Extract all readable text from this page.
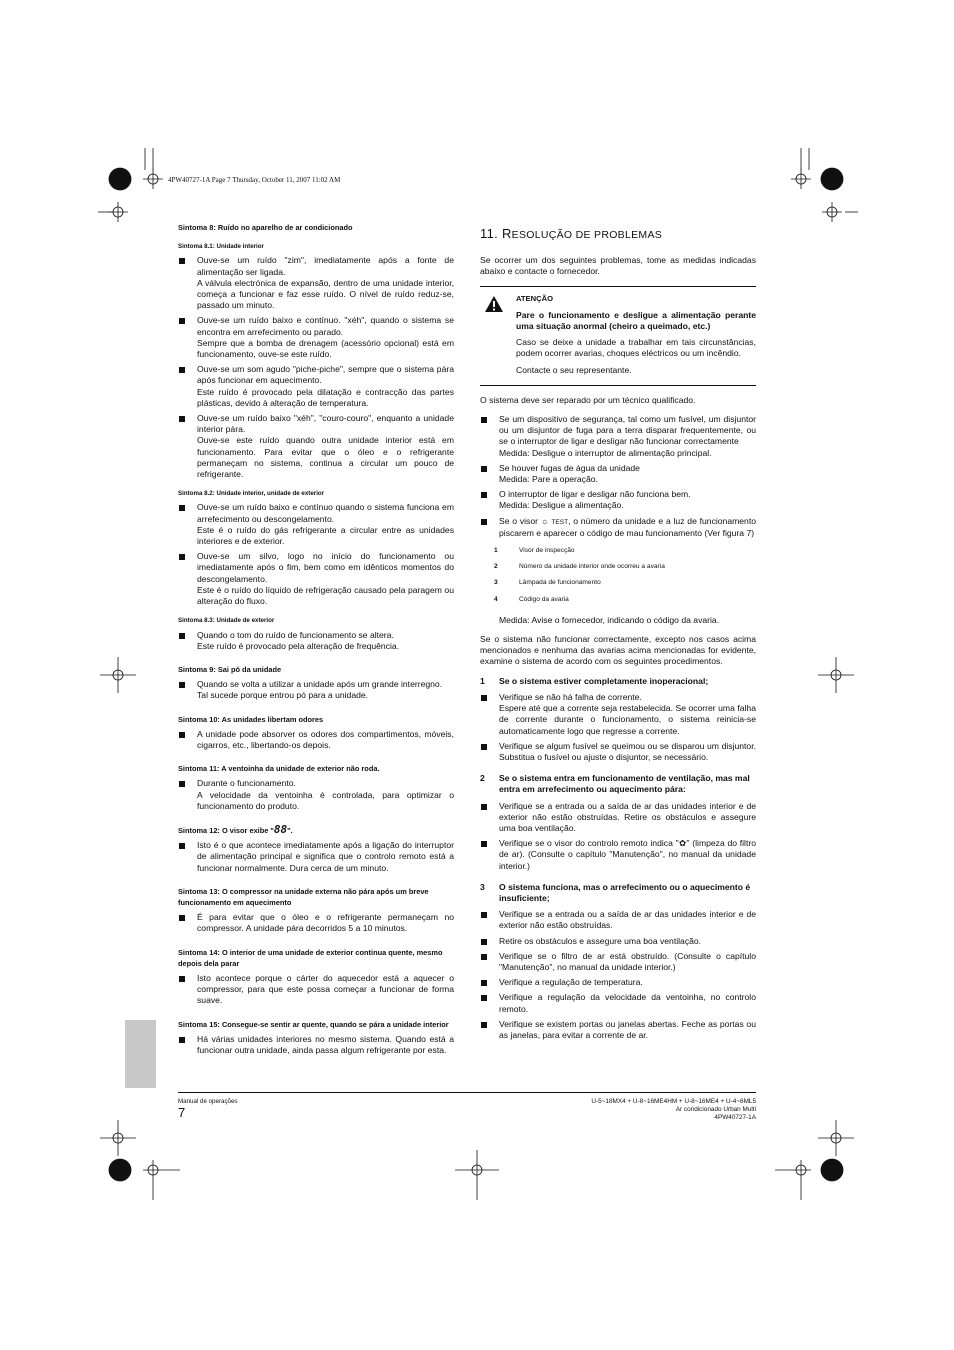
4PW40727-1A Page 7 Thursday, October 11, 2007 11:02 AM
Sintoma 8: Ruído no aparelho de ar condicionado
Sintoma 8.1: Unidade interior

Ouve-se um ruído "zim", imediatamente após a fonte de alimentação ser ligada.

A válvula electrónica de expansão, dentro de uma unidade interior, começa a funcionar e faz esse ruído. O nível de ruído reduz-se, passado um minuto.

Ouve-se um ruído baixo e contínuo. "xéh", quando o sistema se encontra em arrefecimento ou parado.

Sempre que a bomba de drenagem (acessório opcional) está em funcionamento, ouve-se este ruído.

Ouve-se um som agudo "piche-piche", sempre que o sistema pára após funcionar em aquecimento.

Este ruído é provocado pela dilatação e contracção das partes plásticas, devido à alteração de temperatura.

Ouve-se um ruído baixo "xéh", "couro-couro", enquanto a unidade interior pára.

Ouve-se este ruído quando outra unidade interior está em funcionamento. Para evitar que o óleo e o refrigerante permaneçam no sistema, continua a circular um pouco de refrigerante.

Sintoma 8.2: Unidade interior, unidade de exterior

Ouve-se um ruído baixo e contínuo quando o sistema funciona em arrefecimento ou descongelamento.

Este é o ruído do gás refrigerante a circular entre as unidades interiores e de exterior.

Ouve-se um silvo, logo no início do funcionamento ou imediatamente após o fim, bem como em idênticos momentos do descongelamento.

Este é o ruído do líquido de refrigeração causado pela paragem ou alteração do fluxo.

Sintoma 8.3: Unidade de exterior

Quando o tom do ruído de funcionamento se altera.

Este ruído é provocado pela alteração de frequência.

Sintoma 9: Sai pó da unidade

Quando se volta a utilizar a unidade após um grande interregno.

Tal sucede porque entrou pó para a unidade.

Sintoma 10: As unidades libertam odores

A unidade pode absorver os odores dos compartimentos, móveis, cigarros, etc., libertando-os depois.

Sintoma 11: A ventoinha da unidade de exterior não roda.

Durante o funcionamento.

A velocidade da ventoinha é controlada, para optimizar o funcionamento do produto.

Sintoma 12: O visor exibe "88".

Isto é o que acontece imediatamente após a ligação do interruptor de alimentação principal e significa que o controlo remoto está a funcionar normalmente. Dura cerca de um minuto.

Sintoma 13: O compressor na unidade externa não pára após um breve funcionamento em aquecimento

É para evitar que o óleo e o refrigerante permaneçam no compressor. A unidade pára decorridos 5 a 10 minutos.

Sintoma 14: O interior de uma unidade de exterior continua quente, mesmo depois dela parar

Isto acontece porque o cárter do aquecedor está a aquecer o compressor, para que este possa começar a funcionar de forma suave.

Sintoma 15: Consegue-se sentir ar quente, quando se pára a unidade interior

Há várias unidades interiores no mesmo sistema. Quando está a funcionar outra unidade, ainda passa algum refrigerante por esta.

11. RESOLUÇÃO DE PROBLEMAS

Se ocorrer um dos seguintes problemas, tome as medidas indicadas abaixo e contacte o fornecedor.

ATENÇÃO
Pare o funcionamento e desligue a alimentação perante uma situação anormal (cheiro a queimado, etc.)
Caso se deixe a unidade a trabalhar em tais circunstâncias, podem ocorrer avarias, choques eléctricos ou um incêndio.
Contacte o seu representante.

O sistema deve ser reparado por um técnico qualificado.

Se um dispositivo de segurança, tal como um fusível, um disjuntor ou um disjuntor de fuga para a terra disparar frequentemente, ou se o interruptor de ligar e desligar não funcionar correctamente

Medida: Desligue o interruptor de alimentação principal.

Se houver fugas de água da unidade

Medida: Pare a operação.

O interruptor de ligar e desligar não funciona bem.

Medida: Desligue a alimentação.

Se o visor ☼ TEST, o número da unidade e a luz de funcionamento piscarem e aparecer o código de mau funcionamento (Ver figura 7)

1	Visor de inspecção
2	Número da unidade interior onde ocorreu a avaria
3	Lâmpada de funcionamento
4	Código da avaria
Medida: Avise o fornecedor, indicando o código da avaria.

Se o sistema não funcionar correctamente, excepto nos casos acima mencionados e nenhuma das avarias acima mencionadas for evidente, examine o sistema de acordo com os seguintes procedimentos.

1 Se o sistema estiver completamente inoperacional;

Verifique se não há falha de corrente.

Espere até que a corrente seja restabelecida. Se ocorrer uma falha de corrente durante o funcionamento, o sistema reinicia-se automaticamente logo que regresse a corrente.

Verifique se algum fusível se queimou ou se disparou um disjuntor. Substitua o fusível ou ajuste o disjuntor, se necessário.

2 Se o sistema entra em funcionamento de ventilação, mas mal entra em arrefecimento ou aquecimento pára:

Verifique se a entrada ou a saída de ar das unidades interior e de exterior não estão obstruídas. Retire os obstáculos e assegure uma boa ventilação.

Verifique se o visor do controlo remoto indica "✿" (limpeza do filtro de ar). (Consulte o capítulo "Manutenção", no manual da unidade interior.)

3 O sistema funciona, mas o arrefecimento ou o aquecimento é insuficiente;

Verifique se a entrada ou a saída de ar das unidades interior e de exterior não estão obstruídas.

Retire os obstáculos e assegure uma boa ventilação.

Verifique se o filtro de ar está obstruído. (Consulte o capítulo "Manutenção", no manual da unidade interior.)

Verifique a regulação de temperatura.

Verifique a regulação da velocidade da ventoinha, no controlo remoto.

Verifique se existem portas ou janelas abertas. Feche as portas ou as janelas, para evitar a corrente de ar.

Manual de operações
7
U-5~18MX4 + U-8~16ME4HM + U-8~16ME4 + U-4~6ML5
Ar condicionado Urban Multi
4PW40727-1A
